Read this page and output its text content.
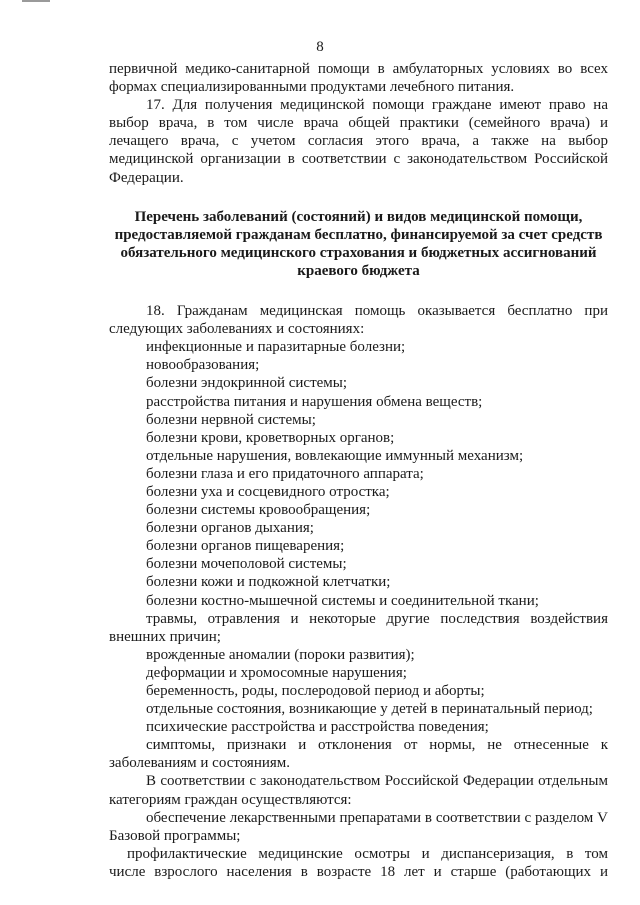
8

первичной медико-санитарной помощи в амбулаторных условиях во всех

формах специализированными продуктами лечебного питания.

17. Для получения медицинской помощи граждане имеют право на

выбор врача, в том числе врача общей практики (семейного врача) и

лечащего врача, с учетом согласия этого врача, а также на выбор

медицинской организации в соответствии с законодательством Российской

Федерации.

Перечень заболеваний (состояний) и видов медицинской помощи,

предоставляемой гражданам бесплатно, финансируемой за счет средств

обязательного медицинского страхования и бюджетных ассигнований

краевого бюджета

18. Гражданам медицинская помощь оказывается бесплатно при

следующих заболеваниях и состояниях:

инфекционные и паразитарные болезни;

новообразования;

болезни эндокринной системы;

расстройства питания и нарушения обмена веществ;

болезни нервной системы;

болезни крови, кроветворных органов;

отдельные нарушения, вовлекающие иммунный механизм;

болезни глаза и его придаточного аппарата;

болезни уха и сосцевидного отростка;

болезни системы кровообращения;

болезни органов дыхания;

болезни органов пищеварения;

болезни мочеполовой системы;

болезни кожи и подкожной клетчатки;

болезни костно-мышечной системы и соединительной ткани;

травмы, отравления и некоторые другие последствия воздействия

внешних причин;

врожденные аномалии (пороки развития);

деформации и хромосомные нарушения;

беременность, роды, послеродовой период и аборты;

отдельные состояния, возникающие у детей в перинатальный период;

психические расстройства и расстройства поведения;

симптомы, признаки и отклонения от нормы, не отнесенные к

заболеваниям и состояниям.

В соответствии с законодательством Российской Федерации отдельным

категориям граждан осуществляются:

обеспечение лекарственными препаратами в соответствии с разделом V

Базовой программы;

профилактические медицинские осмотры и диспансеризация, в том

числе взрослого населения в возрасте 18 лет и старше (работающих и
